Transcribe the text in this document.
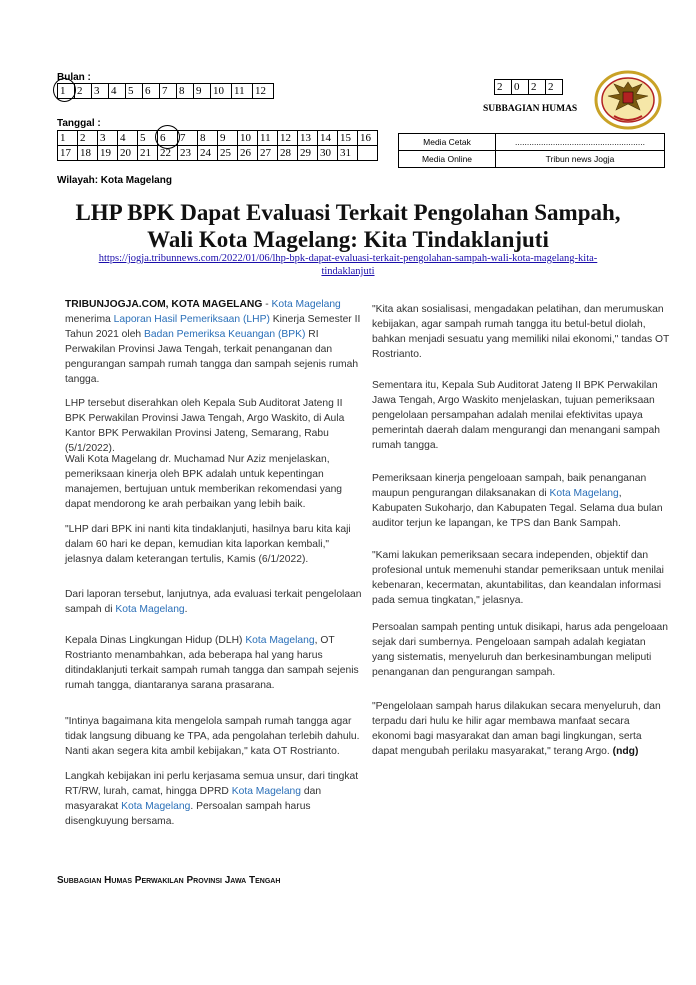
Bulan :
1	2	3	4	5	6	7	8	9	10	11	12
Tanggal :
1	2	3	4	5	6	7	8	9	10	11	12	13	14	15	16
17	18	19	20	21	22	23	24	25	26	27	28	29	30	31	
2	0	2	2
SUBBAGIAN HUMAS
Media Cetak	.......................................................
Media Online	Tribun news Jogja
Wilayah: Kota Magelang
LHP BPK Dapat Evaluasi Terkait Pengolahan Sampah,
Wali Kota Magelang: Kita Tindaklanjuti
https://jogja.tribunnews.com/2022/01/06/lhp-bpk-dapat-evaluasi-terkait-pengolahan-sampah-wali-kota-magelang-kita-
tindaklanjuti

TRIBUNJOGJA.COM, KOTA MAGELANG - Kota Magelang menerima Laporan Hasil Pemeriksaan (LHP) Kinerja Semester II Tahun 2021 oleh Badan Pemeriksa Keuangan (BPK) RI Perwakilan Provinsi Jawa Tengah, terkait penanganan dan pengurangan sampah rumah tangga dan sampah sejenis rumah tangga.

LHP tersebut diserahkan oleh Kepala Sub Auditorat Jateng II BPK Perwakilan Provinsi Jawa Tengah, Argo Waskito, di Aula Kantor BPK Perwakilan Provinsi Jateng, Semarang, Rabu (5/1/2022).

Wali Kota Magelang dr. Muchamad Nur Aziz menjelaskan, pemeriksaan kinerja oleh BPK adalah untuk kepentingan manajemen, bertujuan untuk memberikan rekomendasi yang dapat mendorong ke arah perbaikan yang lebih baik.

"LHP dari BPK ini nanti kita tindaklanjuti, hasilnya baru kita kaji dalam 60 hari ke depan, kemudian kita laporkan kembali," jelasnya dalam keterangan tertulis, Kamis (6/1/2022).

Dari laporan tersebut, lanjutnya, ada evaluasi terkait pengelolaan sampah di Kota Magelang.

Kepala Dinas Lingkungan Hidup (DLH) Kota Magelang, OT Rostrianto menambahkan, ada beberapa hal yang harus ditindaklanjuti terkait sampah rumah tangga dan sampah sejenis rumah tangga, diantaranya sarana prasarana.

"Intinya bagaimana kita mengelola sampah rumah tangga agar tidak langsung dibuang ke TPA, ada pengolahan terlebih dahulu. Nanti akan segera kita ambil kebijakan," kata OT Rostrianto.

Langkah kebijakan ini perlu kerjasama semua unsur, dari tingkat RT/RW, lurah, camat, hingga DPRD Kota Magelang dan masyarakat Kota Magelang. Persoalan sampah harus disengkuyung bersama.

"Kita akan sosialisasi, mengadakan pelatihan, dan merumuskan kebijakan, agar sampah rumah tangga itu betul-betul diolah, bahkan menjadi sesuatu yang memiliki nilai ekonomi," tandas OT Rostrianto.

Sementara itu, Kepala Sub Auditorat Jateng II BPK Perwakilan Jawa Tengah, Argo Waskito menjelaskan, tujuan pemeriksaan pengelolaan persampahan adalah menilai efektivitas upaya pemerintah daerah dalam mengurangi dan menangani sampah rumah tangga.

Pemeriksaan kinerja pengeloaan sampah, baik penanganan maupun pengurangan dilaksanakan di Kota Magelang, Kabupaten Sukoharjo, dan Kabupaten Tegal. Selama dua bulan auditor terjun ke lapangan, ke TPS dan Bank Sampah.

"Kami lakukan pemeriksaan secara independen, objektif dan profesional untuk memenuhi standar pemeriksaan untuk menilai kebenaran, kecermatan, akuntabilitas, dan keandalan informasi pada semua tingkatan," jelasnya.

Persoalan sampah penting untuk disikapi, harus ada pengeloaan sejak dari sumbernya. Pengeloaan sampah adalah kegiatan yang sistematis, menyeluruh dan berkesinambungan meliputi penanganan dan pengurangan sampah.

"Pengelolaan sampah harus dilakukan secara menyeluruh, dan terpadu dari hulu ke hilir agar membawa manfaat secara ekonomi bagi masyarakat dan aman bagi lingkungan, serta dapat mengubah perilaku masyarakat," terang Argo. (ndg)

Subbagian Humas Perwakilan Provinsi Jawa Tengah
